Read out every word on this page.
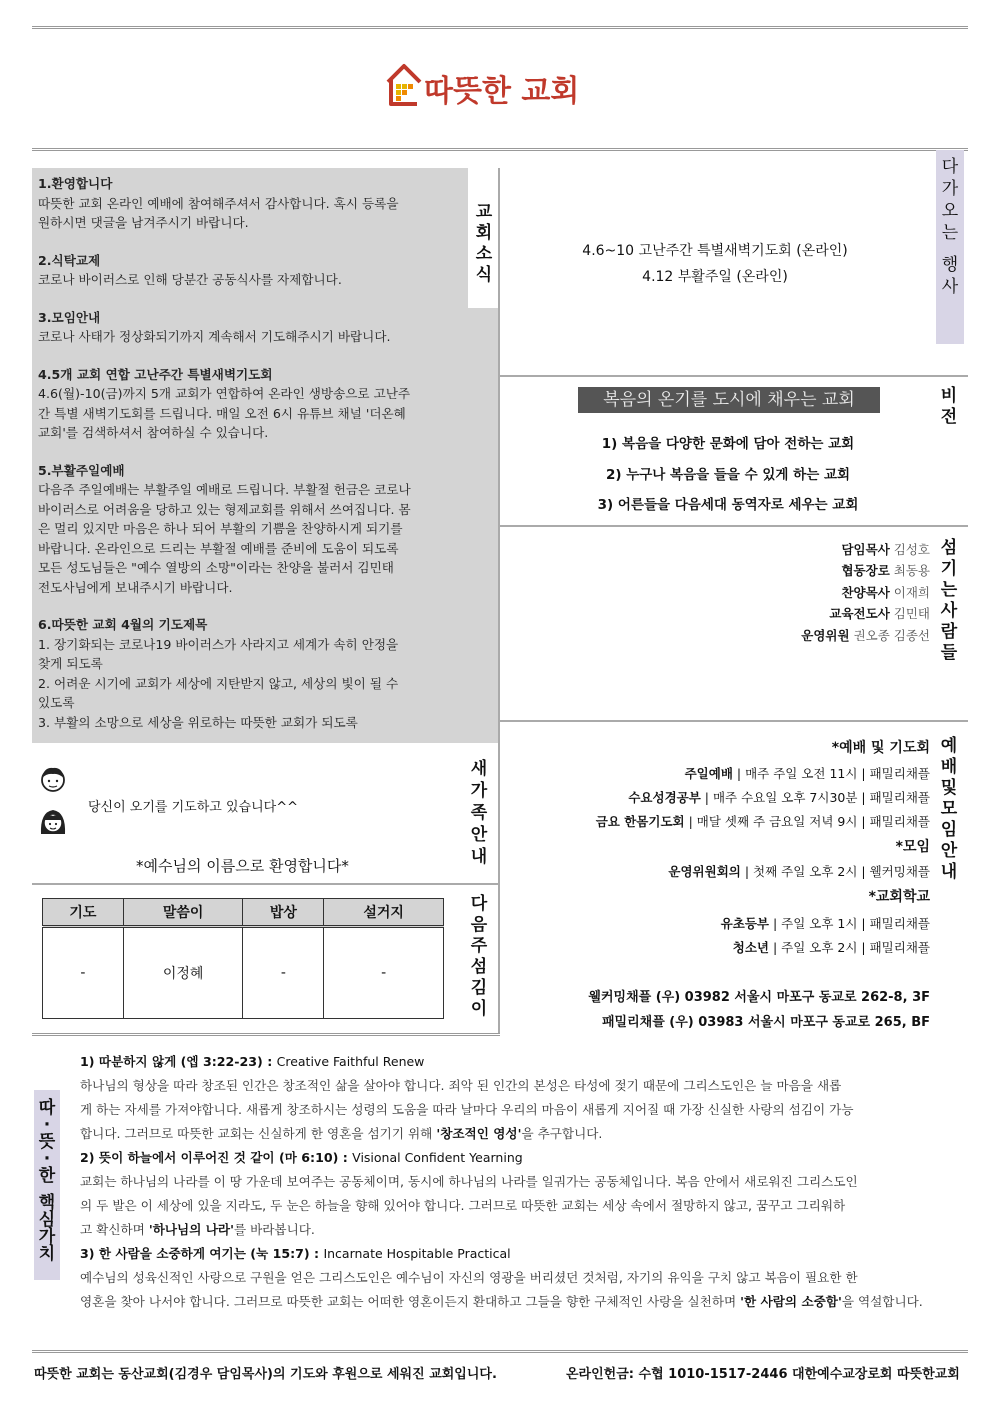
따뜻한 교회
1.환영합니다
따뜻한 교회 온라인 예배에 참여해주셔서 감사합니다. 혹시 등록을
원하시면 댓글을 남겨주시기 바랍니다.
2.식탁교제
코로나 바이러스로 인해 당분간 공동식사를 자제합니다.
3.모임안내
코로나 사태가 정상화되기까지 계속해서 기도해주시기 바랍니다.
4.5개 교회 연합 고난주간 특별새벽기도회
4.6(월)-10(금)까지 5개 교회가 연합하여 온라인 생방송으로 고난주
간 특별 새벽기도회를 드립니다. 매일 오전 6시 유튜브 채널 '더온혜
교회'를 검색하셔서 참여하실 수 있습니다.
5.부활주일예배
다음주 주일예배는 부활주일 예배로 드립니다. 부활절 헌금은 코로나
바이러스로 어려움을 당하고 있는 형제교회를 위해서 쓰여집니다. 몸
은 멀리 있지만 마음은 하나 되어 부활의 기쁨을 찬양하시게 되기를
바랍니다. 온라인으로 드리는 부활절 예배를 준비에 도움이 되도록
모든 성도님들은 "예수 열방의 소망"이라는 찬양을 불러서 김민태
전도사님에게 보내주시기 바랍니다.
6.따뜻한 교회 4월의 기도제목
1. 장기화되는 코로나19 바이러스가 사라지고 세계가 속히 안정을
찾게 되도록
2. 어려운 시기에 교회가 세상에 지탄받지 않고, 세상의 빛이 될 수
있도록
3. 부활의 소망으로 세상을 위로하는 따뜻한 교회가 되도록
교
회
소
식
4.6~10 고난주간 특별새벽기도회 (온라인)
4.12 부활주일 (온라인)
다
가
오
는
행
사
복음의 온기를 도시에 채우는 교회
1) 복음을 다양한 문화에 담아 전하는 교회
2) 누구나 복음을 들을 수 있게 하는 교회
3) 어른들을 다음세대 동역자로 세우는 교회
비
전
담임목사 김성호
협동장로 최동용
찬양목사 이재희
교육전도사 김민태
운영위원 권오종 김종선
섬
기
는
사
람
들
*예배 및 기도회
주일예배 | 매주 주일 오전 11시 | 패밀리채플
수요성경공부 | 매주 수요일 오후 7시30분 | 패밀리채플
금요 한몸기도회 | 매달 셋째 주 금요일 저녁 9시 | 패밀리채플
*모임
운영위원회의 | 첫째 주일 오후 2시 | 웰커밍채플
*교회학교
유초등부 | 주일 오후 1시 | 패밀리채플
청소년 | 주일 오후 2시 | 패밀리채플
웰커밍채플 (우) 03982 서울시 마포구 동교로 262-8, 3F
패밀리채플 (우) 03983 서울시 마포구 동교로 265, BF
예
배
및
모
임
안
내
당신이 오기를 기도하고 있습니다^^
*예수님의 이름으로 환영합니다*
새
가
족
안
내
기도	말씀이	밥상	설거지
-	이정혜	-	-
다
음
주
섬
김
이
1) 따분하지 않게 (엡 3:22-23) : Creative Faithful Renew
하나님의 형상을 따라 창조된 인간은 창조적인 삶을 살아야 합니다. 죄악 된 인간의 본성은 타성에 젖기 때문에 그리스도인은 늘 마음을 새롭
게 하는 자세를 가져야합니다. 새롭게 창조하시는 성령의 도움을 따라 날마다 우리의 마음이 새롭게 지어질 때 가장 신실한 사랑의 섬김이 가능
합니다. 그러므로 따뜻한 교회는 신실하게 한 영혼을 섬기기 위해 '창조적인 영성'을 추구합니다.
2) 뜻이 하늘에서 이루어진 것 같이 (마 6:10) : Visional Confident Yearning
교회는 하나님의 나라를 이 땅 가운데 보여주는 공동체이며, 동시에 하나님의 나라를 일궈가는 공동체입니다. 복음 안에서 새로워진 그리스도인
의 두 발은 이 세상에 있을 지라도, 두 눈은 하늘을 향해 있어야 합니다. 그러므로 따뜻한 교회는 세상 속에서 절망하지 않고, 꿈꾸고 그리워하
고 확신하며 '하나님의 나라'를 바라봅니다.
3) 한 사람을 소중하게 여기는 (눅 15:7) : Incarnate Hospitable Practical
예수님의 성육신적인 사랑으로 구원을 얻은 그리스도인은 예수님이 자신의 영광을 버리셨던 것처럼, 자기의 유익을 구치 않고 복음이 필요한 한
영혼을 찾아 나서야 합니다. 그러므로 따뜻한 교회는 어떠한 영혼이든지 환대하고 그들을 향한 구체적인 사랑을 실천하며 '한 사람의 소중함'을 역설합니다.
따
·
뜻
·
한
핵
심
가
치
따뜻한 교회는 동산교회(김경우 담임목사)의 기도와 후원으로 세워진 교회입니다.	온라인헌금: 수협 1010-1517-2446 대한예수교장로회 따뜻한교회
